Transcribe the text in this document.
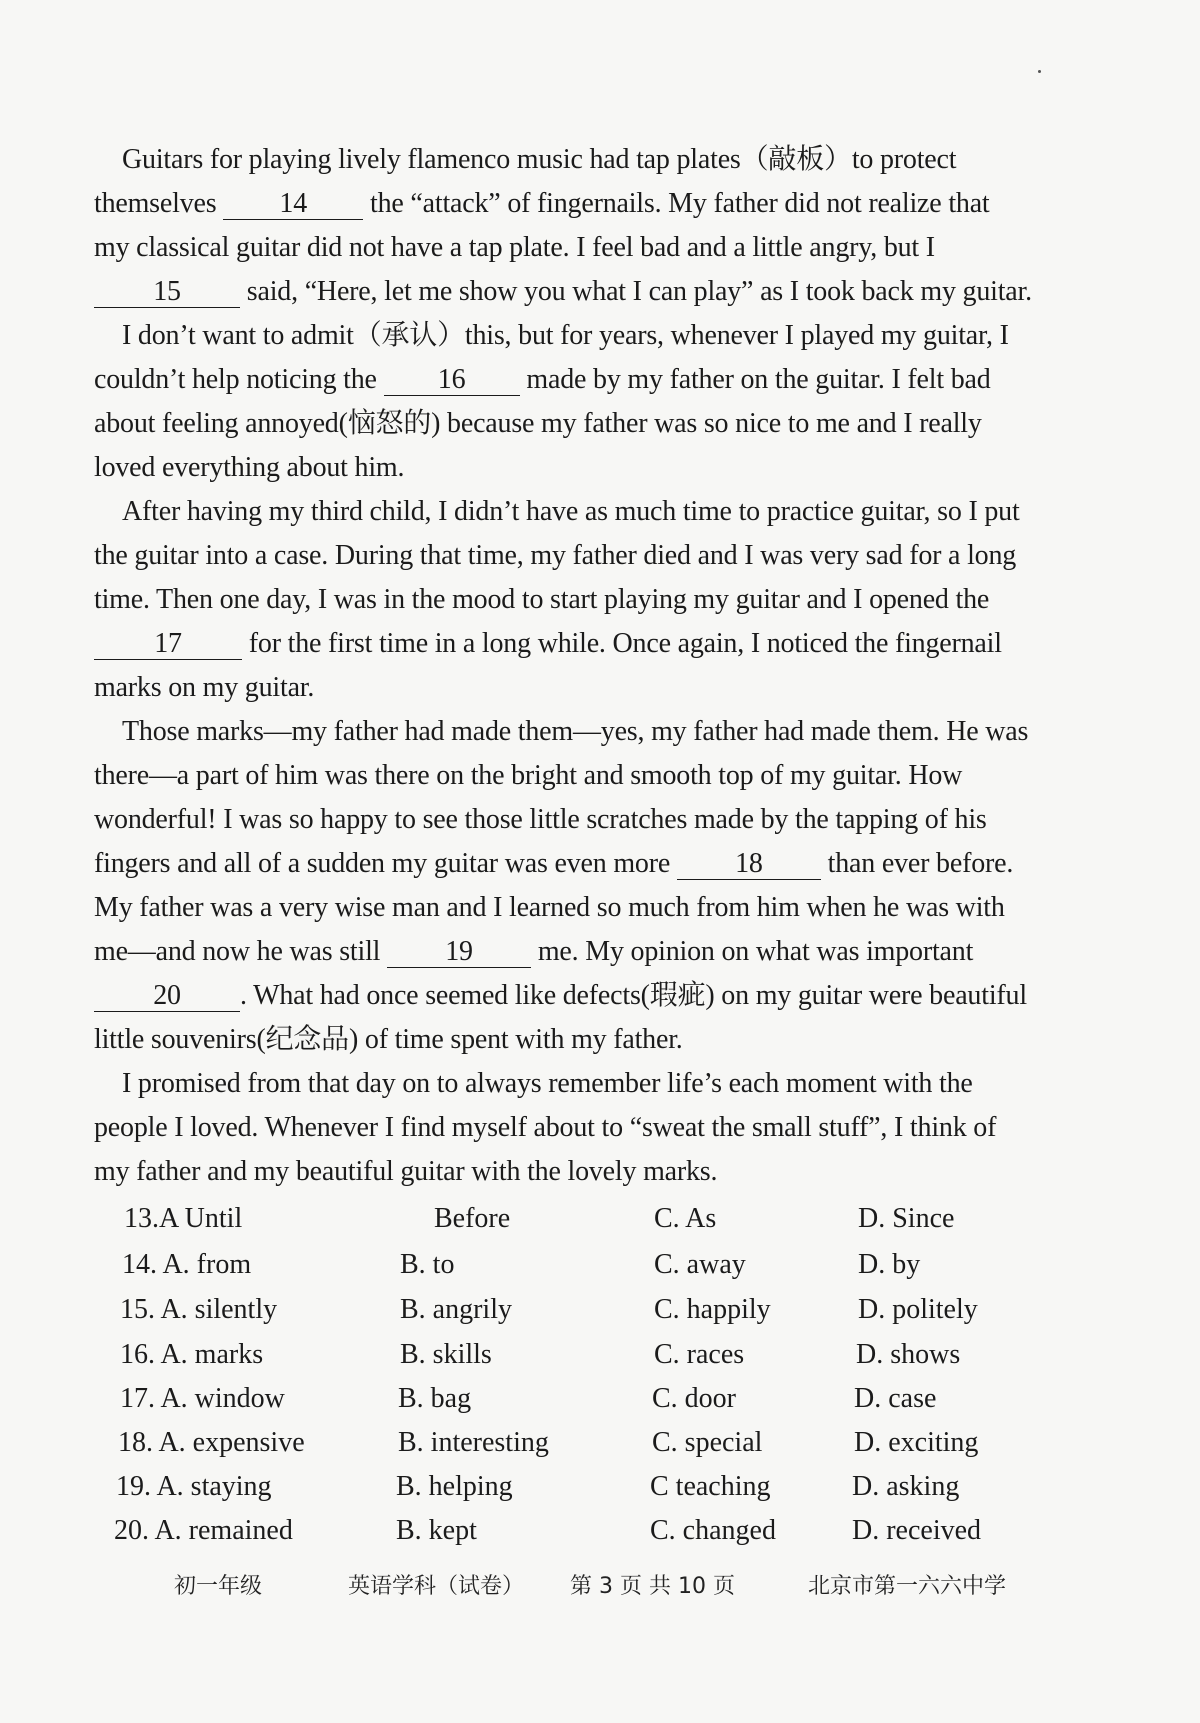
Guitars for playing lively flamenco music had tap plates（敲板）to protect
themselves 14 the “attack” of fingernails. My father did not realize that
my classical guitar did not have a tap plate. I feel bad and a little angry, but I
15 said, “Here, let me show you what I can play” as I took back my guitar.
I don’t want to admit（承认）this, but for years, whenever I played my guitar, I
couldn’t help noticing the 16 made by my father on the guitar. I felt bad
about feeling annoyed(恼怒的) because my father was so nice to me and I really
loved everything about him.
After having my third child, I didn’t have as much time to practice guitar, so I put
the guitar into a case. During that time, my father died and I was very sad for a long
time. Then one day, I was in the mood to start playing my guitar and I opened the
17 for the first time in a long while. Once again, I noticed the fingernail
marks on my guitar.
Those marks—my father had made them—yes, my father had made them. He was
there—a part of him was there on the bright and smooth top of my guitar. How
wonderful! I was so happy to see those little scratches made by the tapping of his
fingers and all of a sudden my guitar was even more 18 than ever before.
My father was a very wise man and I learned so much from him when he was with
me—and now he was still 19 me. My opinion on what was important
20 . What had once seemed like defects(瑕疵) on my guitar were beautiful
little souvenirs(纪念品) of time spent with my father.
I promised from that day on to always remember life’s each moment with the
people I loved. Whenever I find myself about to “sweat the small stuff”, I think of
my father and my beautiful guitar with the lovely marks.
13.A Until	Before	C. As	D. Since
14. A. from	B. to	C. away	D. by
15. A. silently	B. angrily	C. happily	D. politely
16. A. marks	B. skills	C. races	D. shows
17. A. window	B. bag	C. door	D. case
18. A. expensive	B. interesting	C. special	D. exciting
19. A. staying	B. helping	C teaching	D. asking
20. A. remained	B. kept	C. changed	D. received
初一年级	英语学科（试卷） 第 3 页 共 10 页	北京市第一六六中学
